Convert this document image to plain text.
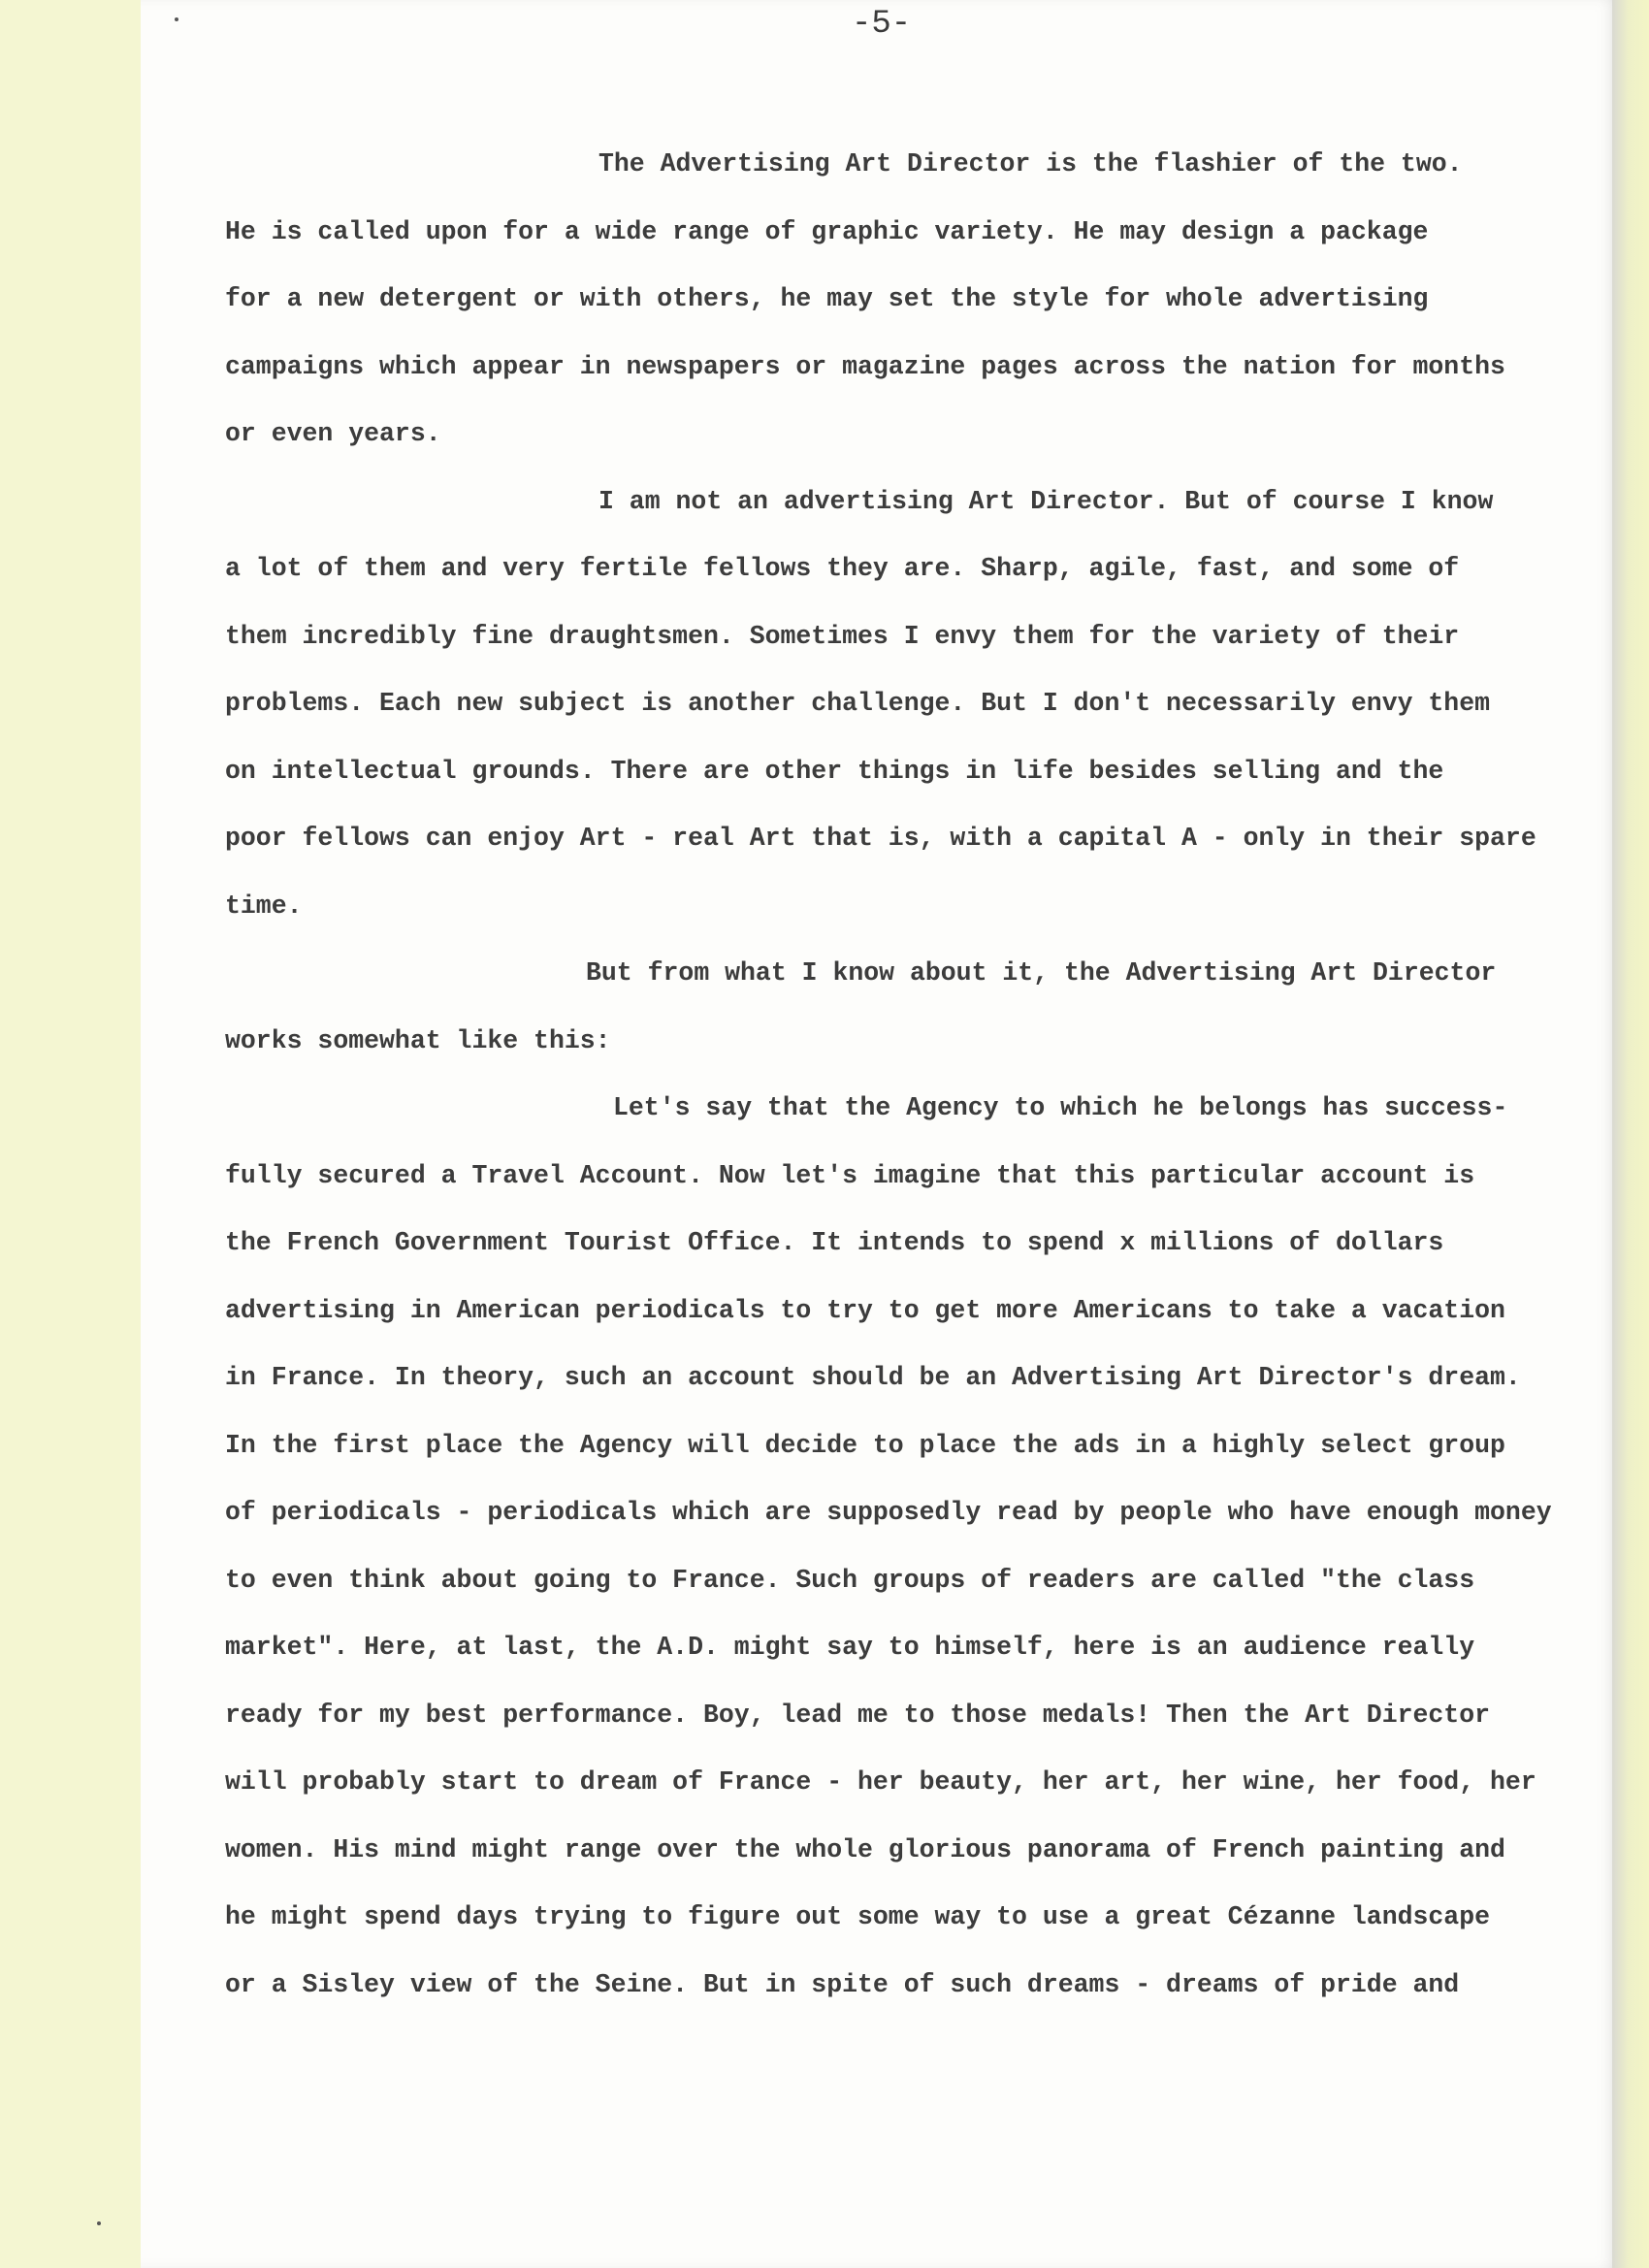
-5-
The Advertising Art Director is the flashier of the two.
He is called upon for a wide range of graphic variety. He may design a package
for a new detergent or with others, he may set the style for whole advertising
campaigns which appear in newspapers or magazine pages across the nation for months
or even years.
I am not an advertising Art Director. But of course I know
a lot of them and very fertile fellows they are. Sharp, agile, fast, and some of
them incredibly fine draughtsmen. Sometimes I envy them for the variety of their
problems. Each new subject is another challenge. But I don't necessarily envy them
on intellectual grounds. There are other things in life besides selling and the
poor fellows can enjoy Art - real Art that is, with a capital A - only in their spare
time.
But from what I know about it, the Advertising Art Director
works somewhat like this:
Let's say that the Agency to which he belongs has success-
fully secured a Travel Account. Now let's imagine that this particular account is
the French Government Tourist Office. It intends to spend x millions of dollars
advertising in American periodicals to try to get more Americans to take a vacation
in France. In theory, such an account should be an Advertising Art Director's dream.
In the first place the Agency will decide to place the ads in a highly select group
of periodicals - periodicals which are supposedly read by people who have enough money
to even think about going to France. Such groups of readers are called "the class
market". Here, at last, the A.D. might say to himself, here is an audience really
ready for my best performance. Boy, lead me to those medals! Then the Art Director
will probably start to dream of France - her beauty, her art, her wine, her food, her
women. His mind might range over the whole glorious panorama of French painting and
he might spend days trying to figure out some way to use a great Cézanne landscape
or a Sisley view of the Seine. But in spite of such dreams - dreams of pride and
